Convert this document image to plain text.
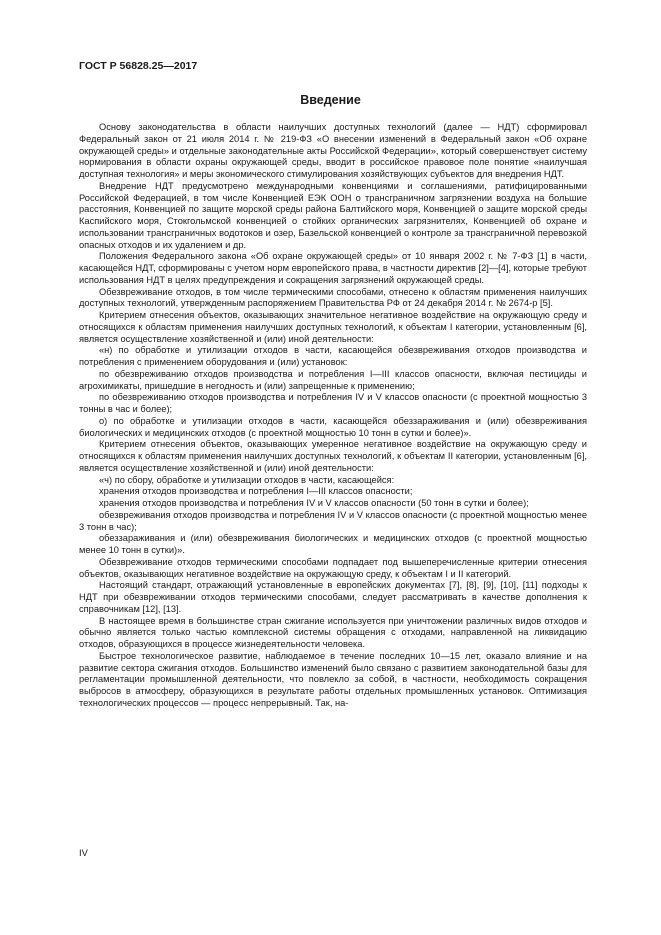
ГОСТ Р 56828.25—2017
Введение

Основу законодательства в области наилучших доступных технологий (далее — НДТ) сформировал Федеральный закон от 21 июля 2014 г. № 219-ФЗ «О внесении изменений в Федеральный закон «Об охране окружающей среды» и отдельные законодательные акты Российской Федерации», который совершенствует систему нормирования в области охраны окружающей среды, вводит в российское правовое поле понятие «наилучшая доступная технология» и меры экономического стимулирования хозяйствующих субъектов для внедрения НДТ.

Внедрение НДТ предусмотрено международными конвенциями и соглашениями, ратифицированными Российской Федерацией, в том числе Конвенцией ЕЭК ООН о трансграничном загрязнении воздуха на большие расстояния, Конвенцией по защите морской среды района Балтийского моря, Конвенцией о защите морской среды Каспийского моря, Стокгольмской конвенцией о стойких органических загрязнителях, Конвенцией об охране и использовании трансграничных водотоков и озер, Базельской конвенцией о контроле за трансграничной перевозкой опасных отходов и их удалением и др.

Положения Федерального закона «Об охране окружающей среды» от 10 января 2002 г. № 7-ФЗ [1] в части, касающейся НДТ, сформированы с учетом норм европейского права, в частности директив [2]—[4], которые требуют использования НДТ в целях предупреждения и сокращения загрязнений окружающей среды.

Обезвреживание отходов, в том числе термическими способами, отнесено к областям применения наилучших доступных технологий, утвержденным распоряжением Правительства РФ от 24 декабря 2014 г. № 2674-р [5].

Критерием отнесения объектов, оказывающих значительное негативное воздействие на окружающую среду и относящихся к областям применения наилучших доступных технологий, к объектам I категории, установленным [6], является осуществление хозяйственной и (или) иной деятельности:

«н) по обработке и утилизации отходов в части, касающейся обезвреживания отходов производства и потребления с применением оборудования и (или) установок:

по обезвреживанию отходов производства и потребления I—III классов опасности, включая пестициды и агрохимикаты, пришедшие в негодность и (или) запрещенные к применению;

по обезвреживанию отходов производства и потребления IV и V классов опасности (с проектной мощностью 3 тонны в час и более);

о) по обработке и утилизации отходов в части, касающейся обеззараживания и (или) обезвреживания биологических и медицинских отходов (с проектной мощностью 10 тонн в сутки и более)».

Критерием отнесения объектов, оказывающих умеренное негативное воздействие на окружающую среду и относящихся к областям применения наилучших доступных технологий, к объектам II категории, установленным [6], является осуществление хозяйственной и (или) иной деятельности:

«ч) по сбору, обработке и утилизации отходов в части, касающейся:

хранения отходов производства и потребления I—III классов опасности;

хранения отходов производства и потребления IV и V классов опасности (50 тонн в сутки и более);

обезвреживания отходов производства и потребления IV и V классов опасности (с проектной мощностью менее 3 тонн в час);

обеззараживания и (или) обезвреживания биологических и медицинских отходов (с проектной мощностью менее 10 тонн в сутки)».

Обезвреживание отходов термическими способами подпадает под вышеперечисленные критерии отнесения объектов, оказывающих негативное воздействие на окружающую среду, к объектам I и II категорий.

Настоящий стандарт, отражающий установленные в европейских документах [7], [8], [9], [10], [11] подходы к НДТ при обезвреживании отходов термическими способами, следует рассматривать в качестве дополнения к справочникам [12], [13].

В настоящее время в большинстве стран сжигание используется при уничтожении различных видов отходов и обычно является только частью комплексной системы обращения с отходами, направленной на ликвидацию отходов, образующихся в процессе жизнедеятельности человека.

Быстрое технологическое развитие, наблюдаемое в течение последних 10—15 лет, оказало влияние и на развитие сектора сжигания отходов. Большинство изменений было связано с развитием законодательной базы для регламентации промышленной деятельности, что повлекло за собой, в частности, необходимость сокращения выбросов в атмосферу, образующихся в результате работы отдельных промышленных установок. Оптимизация технологических процессов — процесс непрерывный. Так, на-

IV
